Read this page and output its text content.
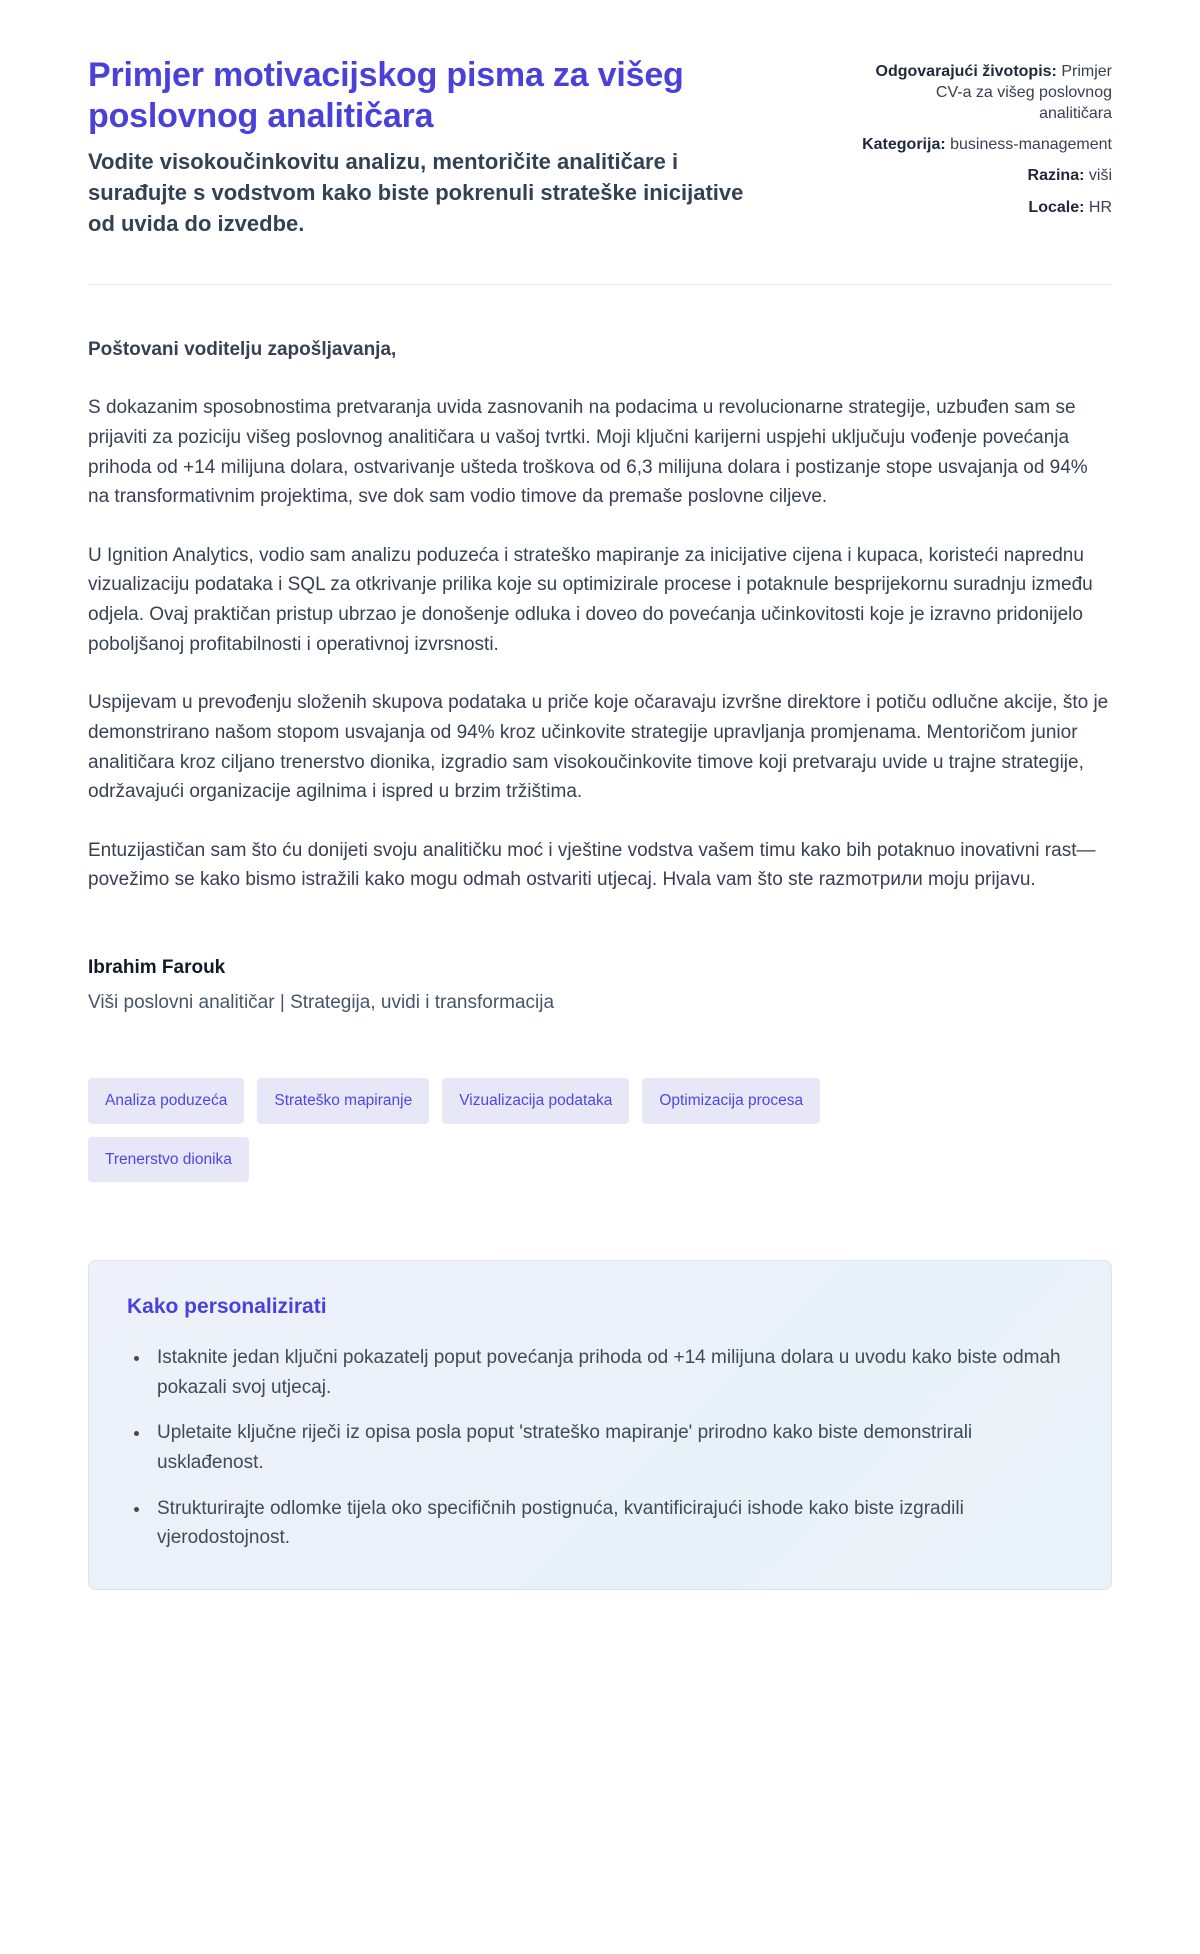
Primjer motivacijskog pisma za višeg poslovnog analitičara

Vodite visokoučinkovitu analizu, mentoričite analitičare i surađujte s vodstvom kako biste pokrenuli strateške inicijative od uvida do izvedbe.

Odgovarajući životopis: Primjer CV-a za višeg poslovnog analitičara
Kategorija: business-management
Razina: viši
Locale: HR

Poštovani voditelju zapošljavanja,

S dokazanim sposobnostima pretvaranja uvida zasnovanih na podacima u revolucionarne strategije, uzbuđen sam se prijaviti za poziciju višeg poslovnog analitičara u vašoj tvrtki. Moji ključni karijerni uspjehi uključuju vođenje povećanja prihoda od +14 milijuna dolara, ostvarivanje ušteda troškova od 6,3 milijuna dolara i postizanje stope usvajanja od 94% na transformativnim projektima, sve dok sam vodio timove da premaše poslovne ciljeve.

U Ignition Analytics, vodio sam analizu poduzeća i strateško mapiranje za inicijative cijena i kupaca, koristeći naprednu vizualizaciju podataka i SQL za otkrivanje prilika koje su optimizirale procese i potaknule besprijekornu suradnju između odjela. Ovaj praktičan pristup ubrzao je donošenje odluka i doveo do povećanja učinkovitosti koje je izravno pridonijelo poboljšanoj profitabilnosti i operativnoj izvrsnosti.

Uspijevam u prevođenju složenih skupova podataka u priče koje očaravaju izvršne direktore i potiču odlučne akcije, što je demonstrirano našom stopom usvajanja od 94% kroz učinkovite strategije upravljanja promjenama. Mentoričom junior analitičara kroz ciljano trenerstvo dionika, izgradio sam visokoučinkovite timove koji pretvaraju uvide u trajne strategije, održavajući organizacije agilnima i ispred u brzim tržištima.

Entuzijastičan sam što ću donijeti svoju analitičku moć i vještine vodstva vašem timu kako bih potaknuo inovativni rast—povežimo se kako bismo istražili kako mogu odmah ostvariti utjecaj. Hvala vam što ste razmотрили moju prijavu.

Ibrahim Farouk
Viši poslovni analitičar | Strategija, uvidi i transformacija
Analiza poduzeća	Strateško mapiranje	Vizualizacija podataka	Optimizacija procesa
Trenerstvo dionika
Kako personalizirati
• Istaknite jedan ključni pokazatelj poput povećanja prihoda od +14 milijuna dolara u uvodu kako biste odmah pokazali svoj utjecaj.
• Upletaite ključne riječi iz opisa posla poput 'strateško mapiranje' prirodno kako biste demonstrirali usklađenost.
• Strukturirajte odlomke tijela oko specifičnih postignuća, kvantificirajući ishode kako biste izgradili vjerodostojnost.
